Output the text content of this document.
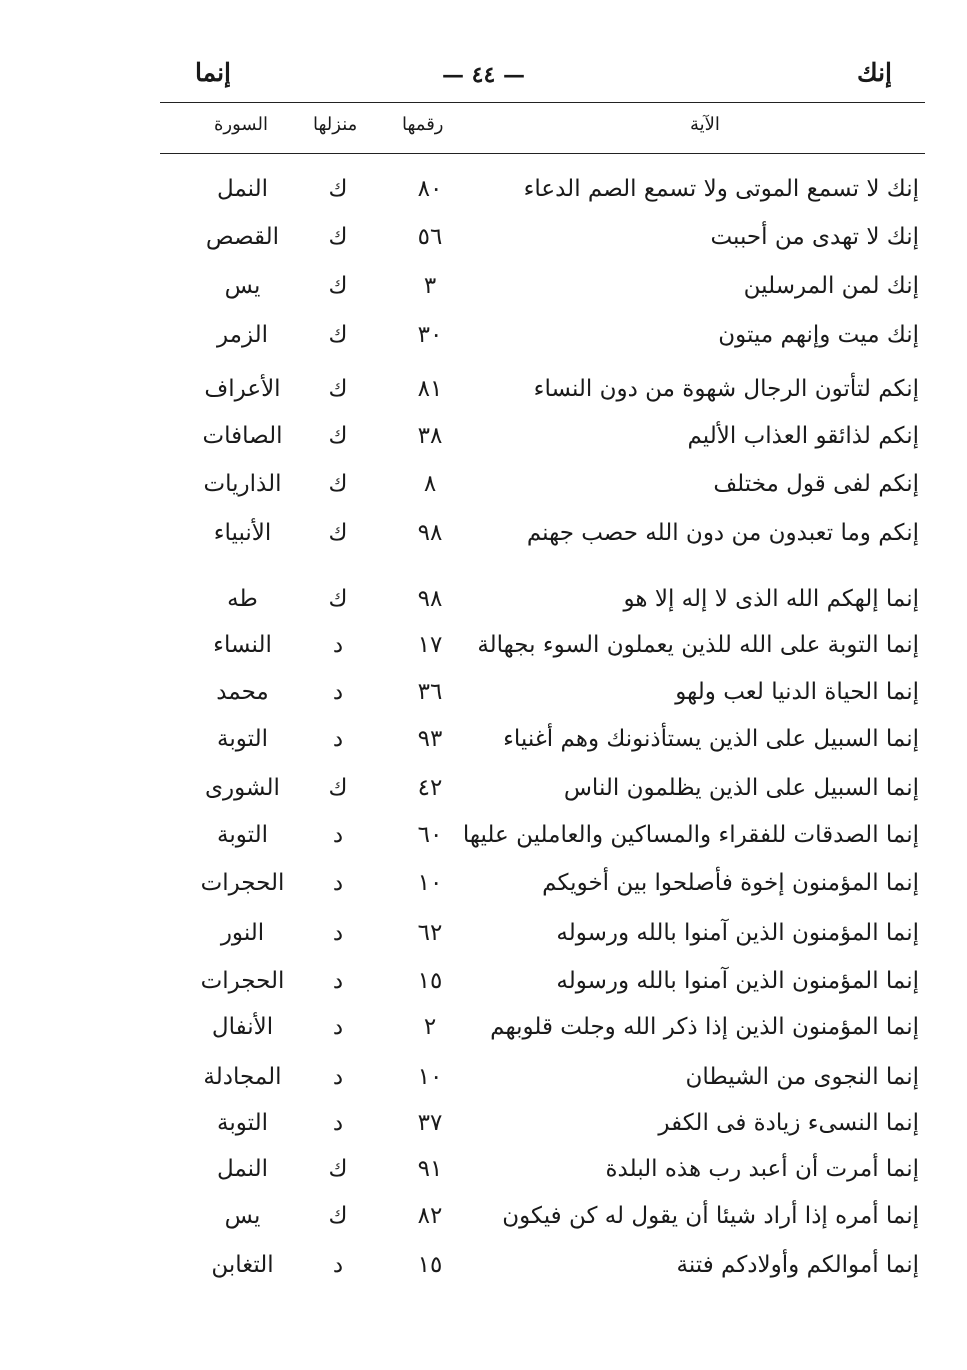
إنك
— ٤٤ —
إنما
الآية
رقمها
منزلها
السورة
إنك لا تسمع الموتى ولا تسمع الصم الدعاء
٨٠
ك
النمل
إنك لا تهدى من أحببت
٥٦
ك
القصص
إنك لمن المرسلين
٣
ك
يس
إنك ميت وإنهم ميتون
٣٠
ك
الزمر
إنكم لتأتون الرجال شهوة من دون النساء
٨١
ك
الأعراف
إنكم لذائقو العذاب الأليم
٣٨
ك
الصافات
إنكم لفى قول مختلف
٨
ك
الذاريات
إنكم وما تعبدون من دون الله حصب جهنم
٩٨
ك
الأنبياء
إنما إلهكم الله الذى لا إله إلا هو
٩٨
ك
طه
إنما التوبة على الله للذين يعملون السوء بجهالة
١٧
د
النساء
إنما الحياة الدنيا لعب ولهو
٣٦
د
محمد
إنما السبيل على الذين يستأذنونك وهم أغنياء
٩٣
د
التوبة
إنما السبيل على الذين يظلمون الناس
٤٢
ك
الشورى
إنما الصدقات للفقراء والمساكين والعاملين عليها
٦٠
د
التوبة
إنما المؤمنون إخوة فأصلحوا بين أخويكم
١٠
د
الحجرات
إنما المؤمنون الذين آمنوا بالله ورسوله
٦٢
د
النور
إنما المؤمنون الذين آمنوا بالله ورسوله
١٥
د
الحجرات
إنما المؤمنون الذين إذا ذكر الله وجلت قلوبهم
٢
د
الأنفال
إنما النجوى من الشيطان
١٠
د
المجادلة
إنما النسىء زيادة فى الكفر
٣٧
د
التوبة
إنما أمرت أن أعبد رب هذه البلدة
٩١
ك
النمل
إنما أمره إذا أراد شيئا أن يقول له كن فيكون
٨٢
ك
يس
إنما أموالكم وأولادكم فتنة
١٥
د
التغابن
